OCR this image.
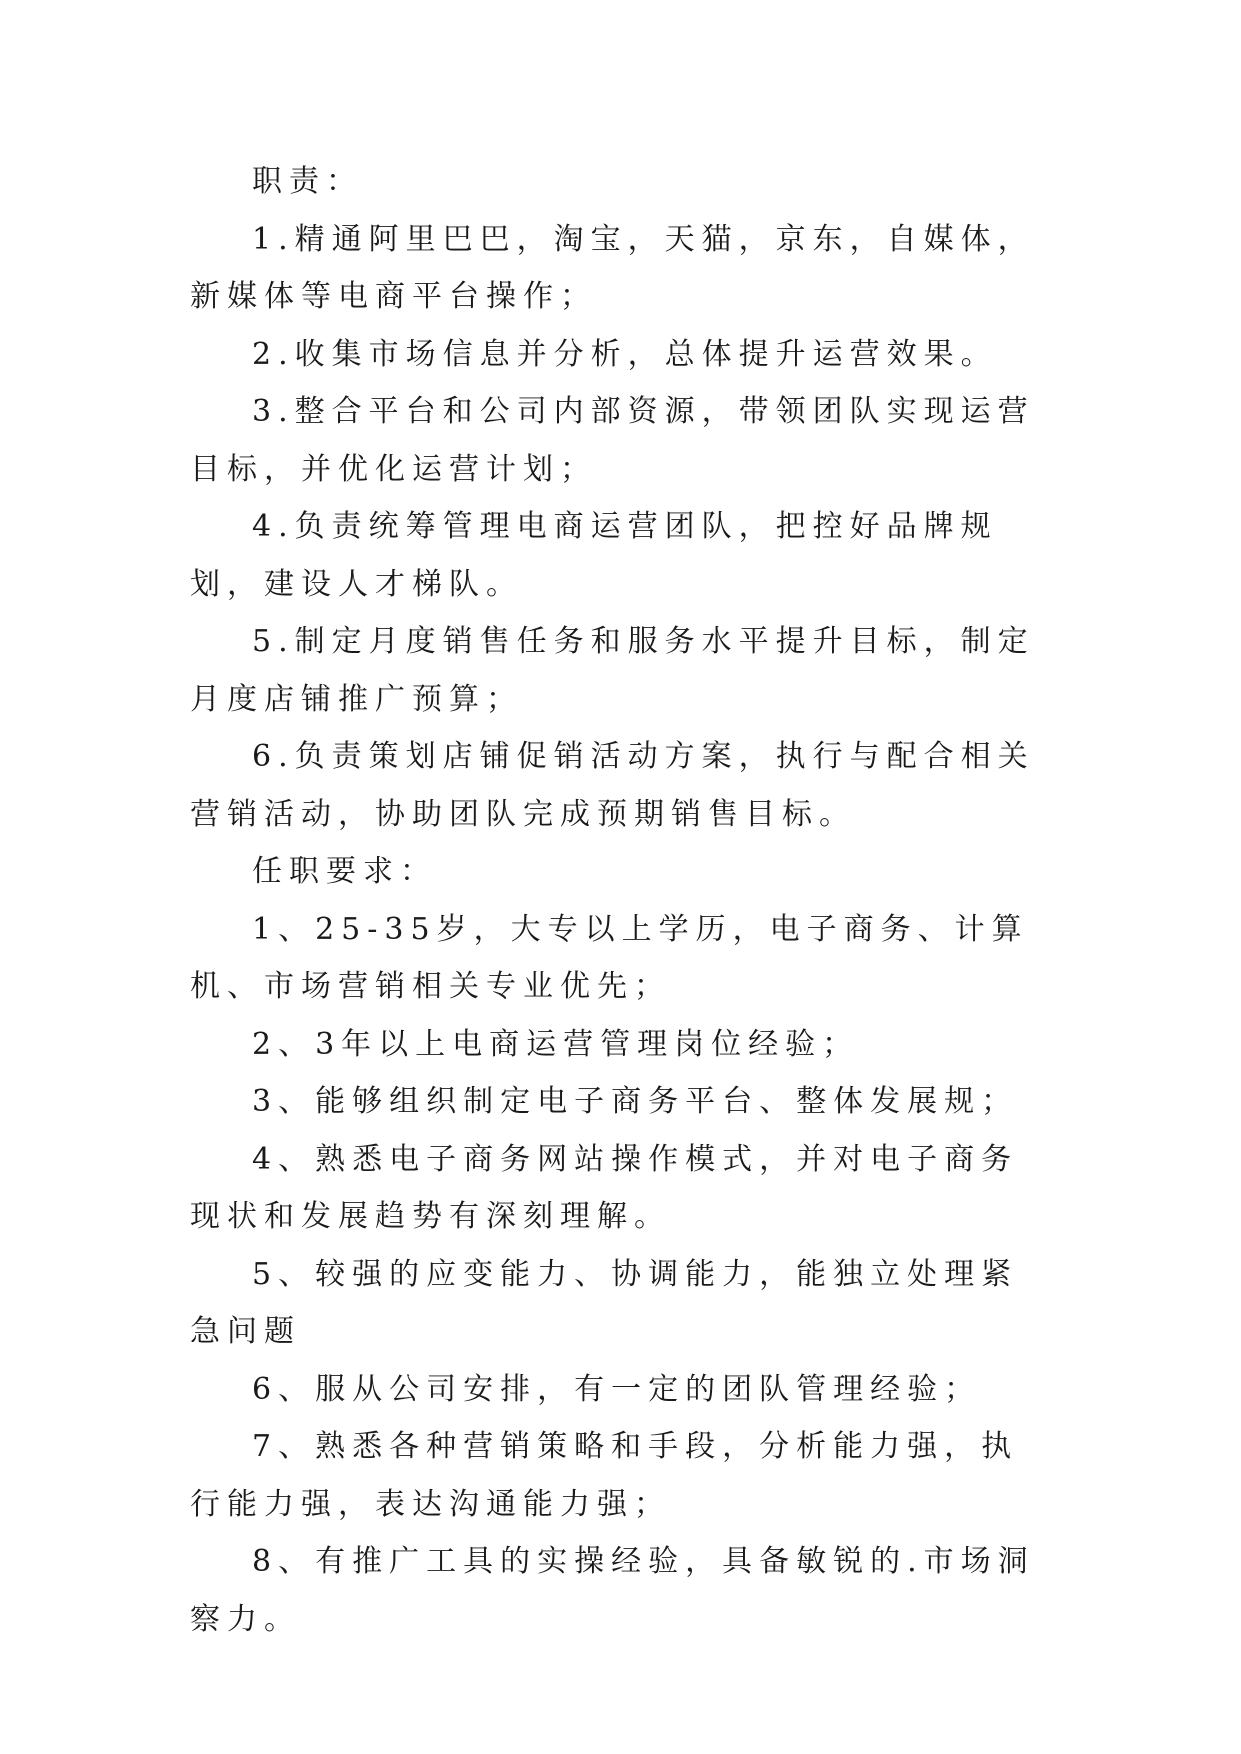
职责：

1.精通阿里巴巴，淘宝，天猫，京东，自媒体，新媒体等电商平台操作；

2.收集市场信息并分析，总体提升运营效果。

3.整合平台和公司内部资源，带领团队实现运营目标，并优化运营计划；

4.负责统筹管理电商运营团队，把控好品牌规划，建设人才梯队。

5.制定月度销售任务和服务水平提升目标，制定月度店铺推广预算；

6.负责策划店铺促销活动方案，执行与配合相关营销活动，协助团队完成预期销售目标。

任职要求：

1、25-35岁，大专以上学历，电子商务、计算机、市场营销相关专业优先；

2、3年以上电商运营管理岗位经验；

3、能够组织制定电子商务平台、整体发展规；

4、熟悉电子商务网站操作模式，并对电子商务现状和发展趋势有深刻理解。

5、较强的应变能力、协调能力，能独立处理紧急问题

6、服从公司安排，有一定的团队管理经验；

7、熟悉各种营销策略和手段，分析能力强，执行能力强，表达沟通能力强；

8、有推广工具的实操经验，具备敏锐的.市场洞察力。
